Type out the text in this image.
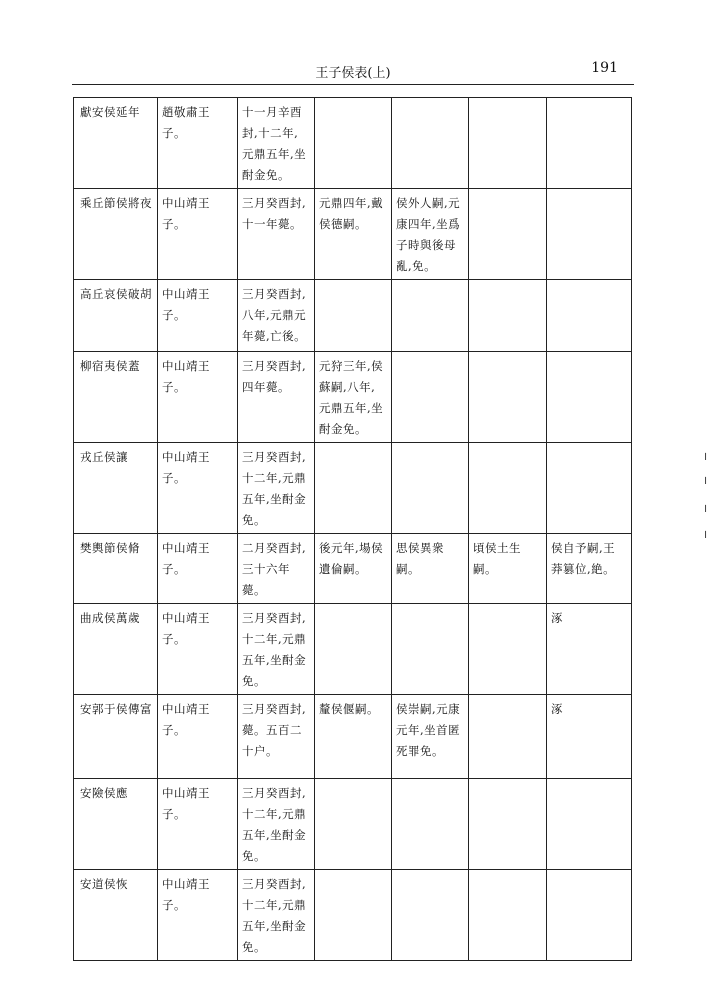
王子侯表(上)	191
╷
╷
╷
╷
獻安侯延年	趙敬肅王子。	十一月辛酉封,十二年,元鼎五年,坐酎金免。				

乘丘節侯將夜	中山靖王子。	三月癸酉封,十一年薨。	元鼎四年,戴侯德嗣。	侯外人嗣,元康四年,坐爲子時與後母亂,免。		

高丘哀侯破胡	中山靖王子。	三月癸酉封,八年,元鼎元年薨,亡後。				

柳宿夷侯蓋	中山靖王子。	三月癸酉封,四年薨。	元狩三年,侯蘇嗣,八年,元鼎五年,坐酎金免。			

戎丘侯讓	中山靖王子。	三月癸酉封,十二年,元鼎五年,坐酎金免。				

樊輿節侯脩	中山靖王子。	二月癸酉封,三十六年薨。	後元年,場侯遺倫嗣。	思侯異衆嗣。	頃侯土生嗣。	侯自予嗣,王莽篡位,絶。

曲成侯萬歲	中山靖王子。	三月癸酉封,十二年,元鼎五年,坐酎金免。				涿

安郭于侯傳富	中山靖王子。	三月癸酉封,薨。五百二十户。	釐侯偃嗣。	侯崇嗣,元康元年,坐首匿死罪免。		涿

安險侯應	中山靖王子。	三月癸酉封,十二年,元鼎五年,坐酎金免。				

安道侯恢	中山靖王子。	三月癸酉封,十二年,元鼎五年,坐酎金免。				
